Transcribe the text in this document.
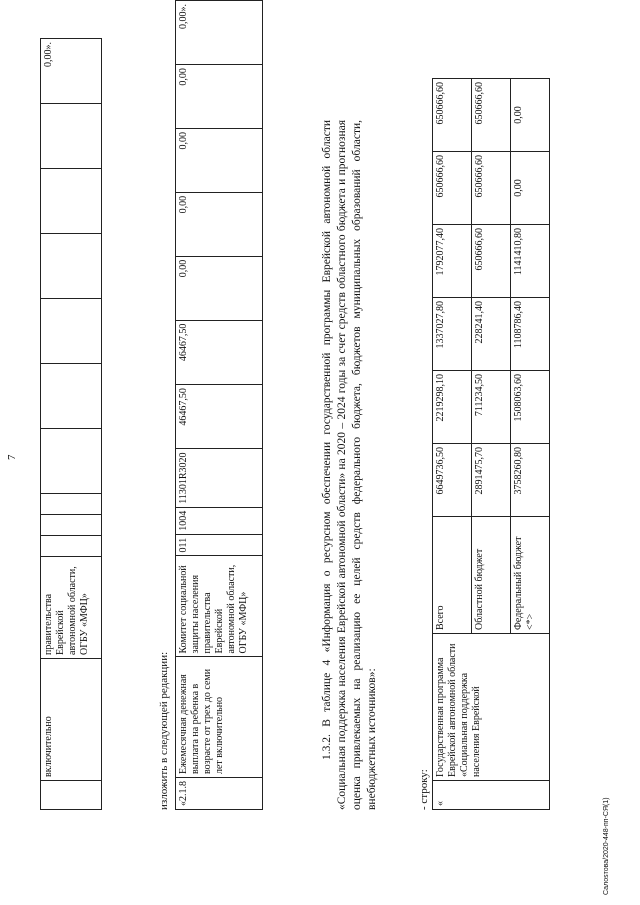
7
	включительно	правительства Еврейской автономной области, ОГБУ «МФЦ»										0,00».
изложить в следующей редакции: «2.1.8	Ежемесячная денежная выплата на ребенка в возрасте от трех до семи лет включительно	Комитет социальной защиты населения правительства Еврейской автономной области, ОГБУ «МФЦ»	011	1004	11301R3020	46467,50	46467,50	0,00	0,00	0,00	0,00	0,00».
1.3.2. В таблице 4 «Информация о ресурсном обеспечении государственной программы Еврейской автономной области «Социальная поддержка населения Еврейской автономной области» на 2020 – 2024 годы за счет средств областного бюджета и прогнозная оценка привлекаемых на реализацию ее целей средств федерального бюджета, бюджетов муниципальных образований области, внебюджетных источников»:	- строку: «	Государственная программа Еврейской автономной области «Социальная поддержка населения Еврейской	Всего	6649736,50	2219298,10	1337027,80	1792077,40	650666,60	650666,60
		Областной бюджет	2891475,70	711234,50	228241,40	650666,60	650666,60	650666,60
		Федеральный бюджет <*>	3758260,80	1508063,60	1108786,40	1141410,80	0,00	0,00
Салоsтова/2020-448-пп-СЯ(1)
